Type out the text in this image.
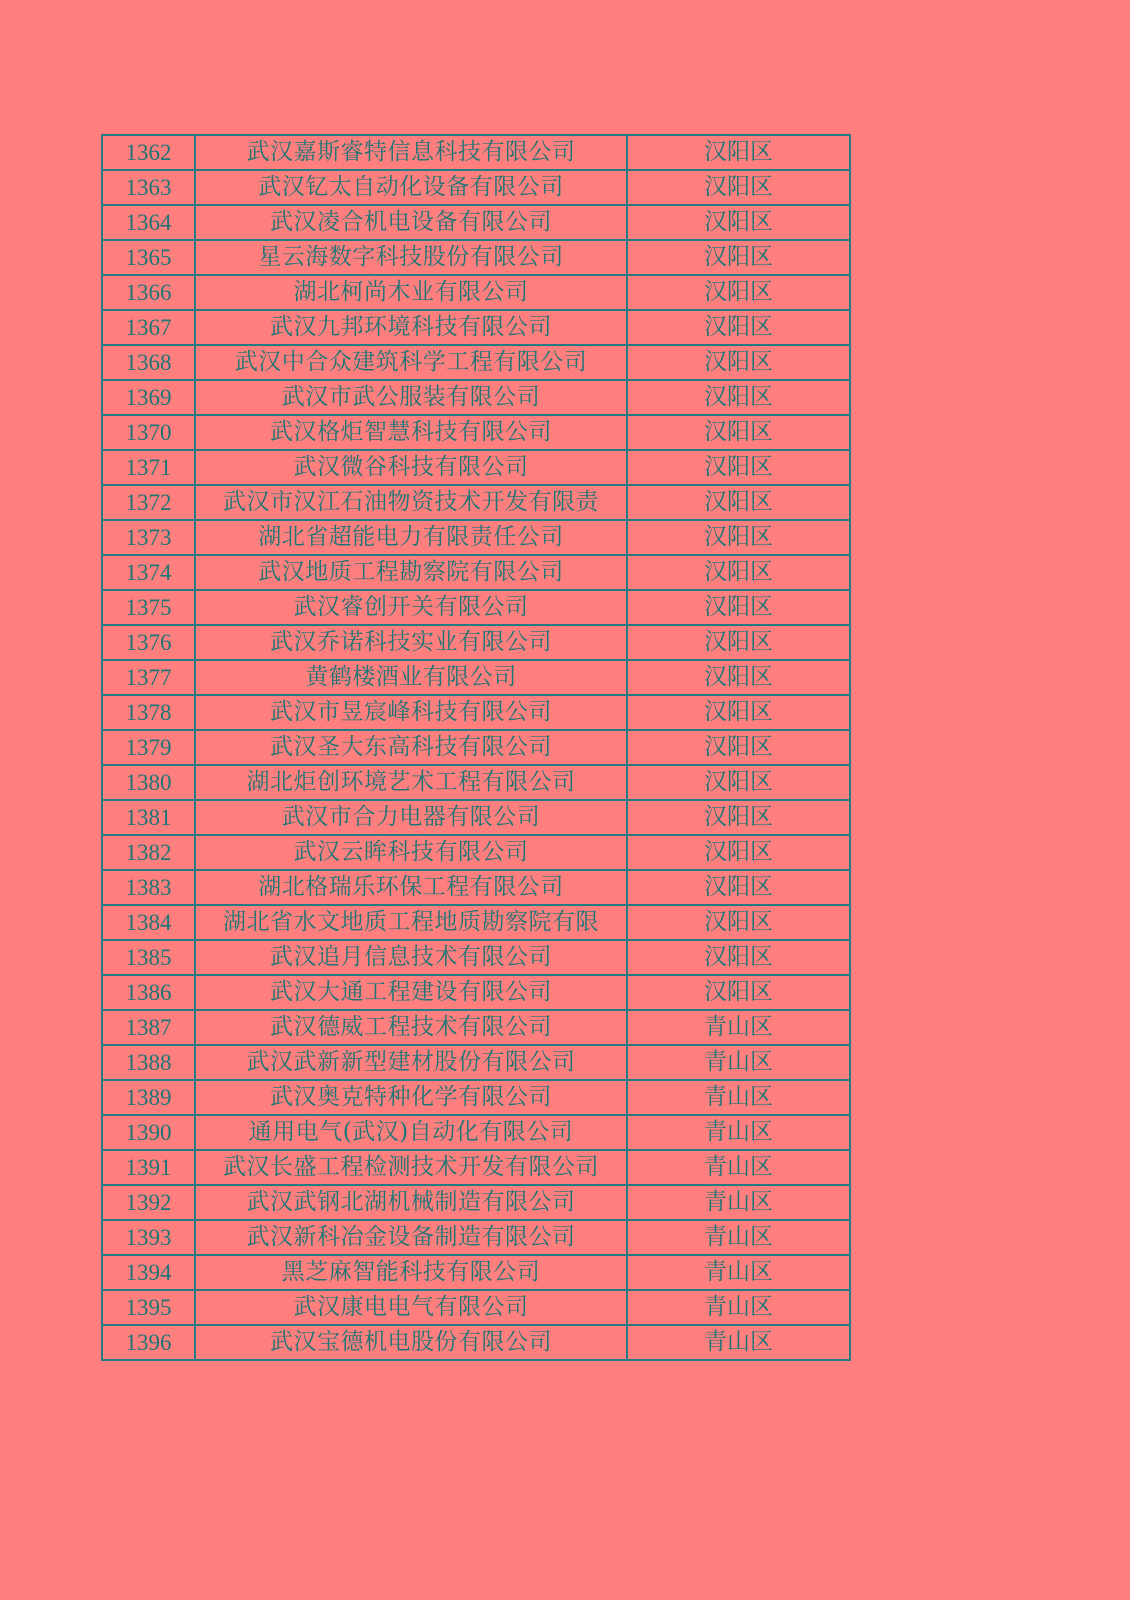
1362	武汉嘉斯睿特信息科技有限公司	汉阳区
1363	武汉钇太自动化设备有限公司	汉阳区
1364	武汉凌合机电设备有限公司	汉阳区
1365	星云海数字科技股份有限公司	汉阳区
1366	湖北柯尚木业有限公司	汉阳区
1367	武汉九邦环境科技有限公司	汉阳区
1368	武汉中合众建筑科学工程有限公司	汉阳区
1369	武汉市武公服装有限公司	汉阳区
1370	武汉格炬智慧科技有限公司	汉阳区
1371	武汉微谷科技有限公司	汉阳区
1372	武汉市汉江石油物资技术开发有限责	汉阳区
1373	湖北省超能电力有限责任公司	汉阳区
1374	武汉地质工程勘察院有限公司	汉阳区
1375	武汉睿创开关有限公司	汉阳区
1376	武汉乔诺科技实业有限公司	汉阳区
1377	黄鹤楼酒业有限公司	汉阳区
1378	武汉市昱宸峰科技有限公司	汉阳区
1379	武汉圣大东高科技有限公司	汉阳区
1380	湖北炬创环境艺术工程有限公司	汉阳区
1381	武汉市合力电器有限公司	汉阳区
1382	武汉云眸科技有限公司	汉阳区
1383	湖北格瑞乐环保工程有限公司	汉阳区
1384	湖北省水文地质工程地质勘察院有限	汉阳区
1385	武汉追月信息技术有限公司	汉阳区
1386	武汉大通工程建设有限公司	汉阳区
1387	武汉德威工程技术有限公司	青山区
1388	武汉武新新型建材股份有限公司	青山区
1389	武汉奥克特种化学有限公司	青山区
1390	通用电气(武汉)自动化有限公司	青山区
1391	武汉长盛工程检测技术开发有限公司	青山区
1392	武汉武钢北湖机械制造有限公司	青山区
1393	武汉新科冶金设备制造有限公司	青山区
1394	黑芝麻智能科技有限公司	青山区
1395	武汉康电电气有限公司	青山区
1396	武汉宝德机电股份有限公司	青山区
